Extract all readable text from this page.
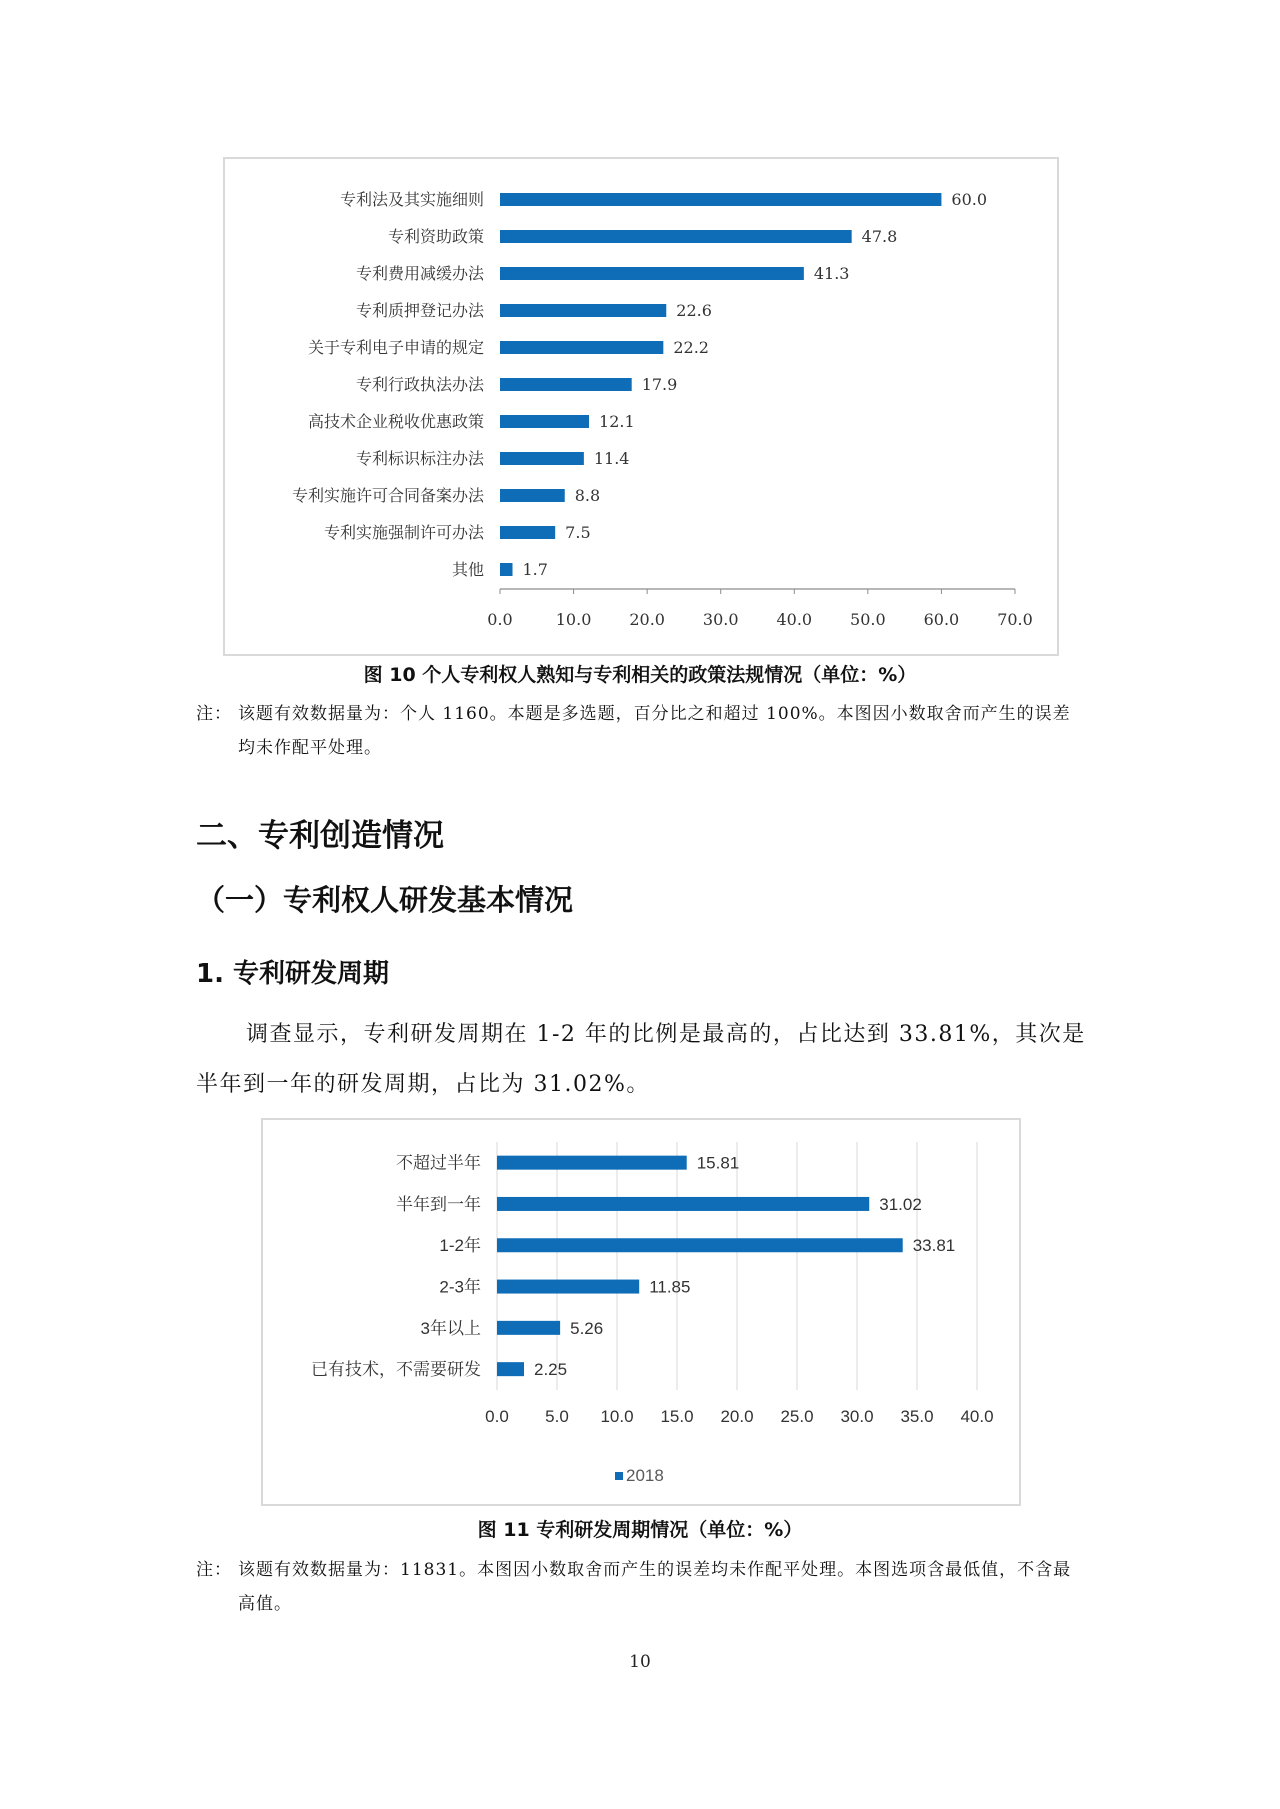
专利法及其实施细则	60.0
专利资助政策	47.8
专利费用减缓办法	41.3
专利质押登记办法	22.6
关于专利电子申请的规定	22.2
专利行政执法办法	17.9
高技术企业税收优惠政策	12.1
专利标识标注办法	11.4
专利实施许可合同备案办法	8.8
专利实施强制许可办法	7.5
其他 1.7
0.0	10.0 20.0 30.0 40.0 50.0 60.0 70.0
图 10 个人专利权人熟知与专利相关的政策法规情况（单位：%）
注： 该题有效数据量为：个人 1160。本题是多选题，百分比之和超过 100%。本图因小数取舍而产生的误差均未作配平处理。
二、专利创造情况
（一）专利权人研发基本情况
1. 专利研发周期
调查显示，专利研发周期在 1-2 年的比例是最高的，占比达到 33.81%，其次是半年到一年的研发周期，占比为 31.02%。
不超过半年	15.81
半年到一年	31.02
1-2年	33.81
2-3年	11.85
3年以上	5.26
已有技术，不需要研发	2.25
0.0 5.0 10.0 15.0 20.0 25.0 30.0 35.0 40.0
2018
图 11 专利研发周期情况（单位：%）
注： 该题有效数据量为：11831。本图因小数取舍而产生的误差均未作配平处理。本图选项含最低值，不含最高值。
10
